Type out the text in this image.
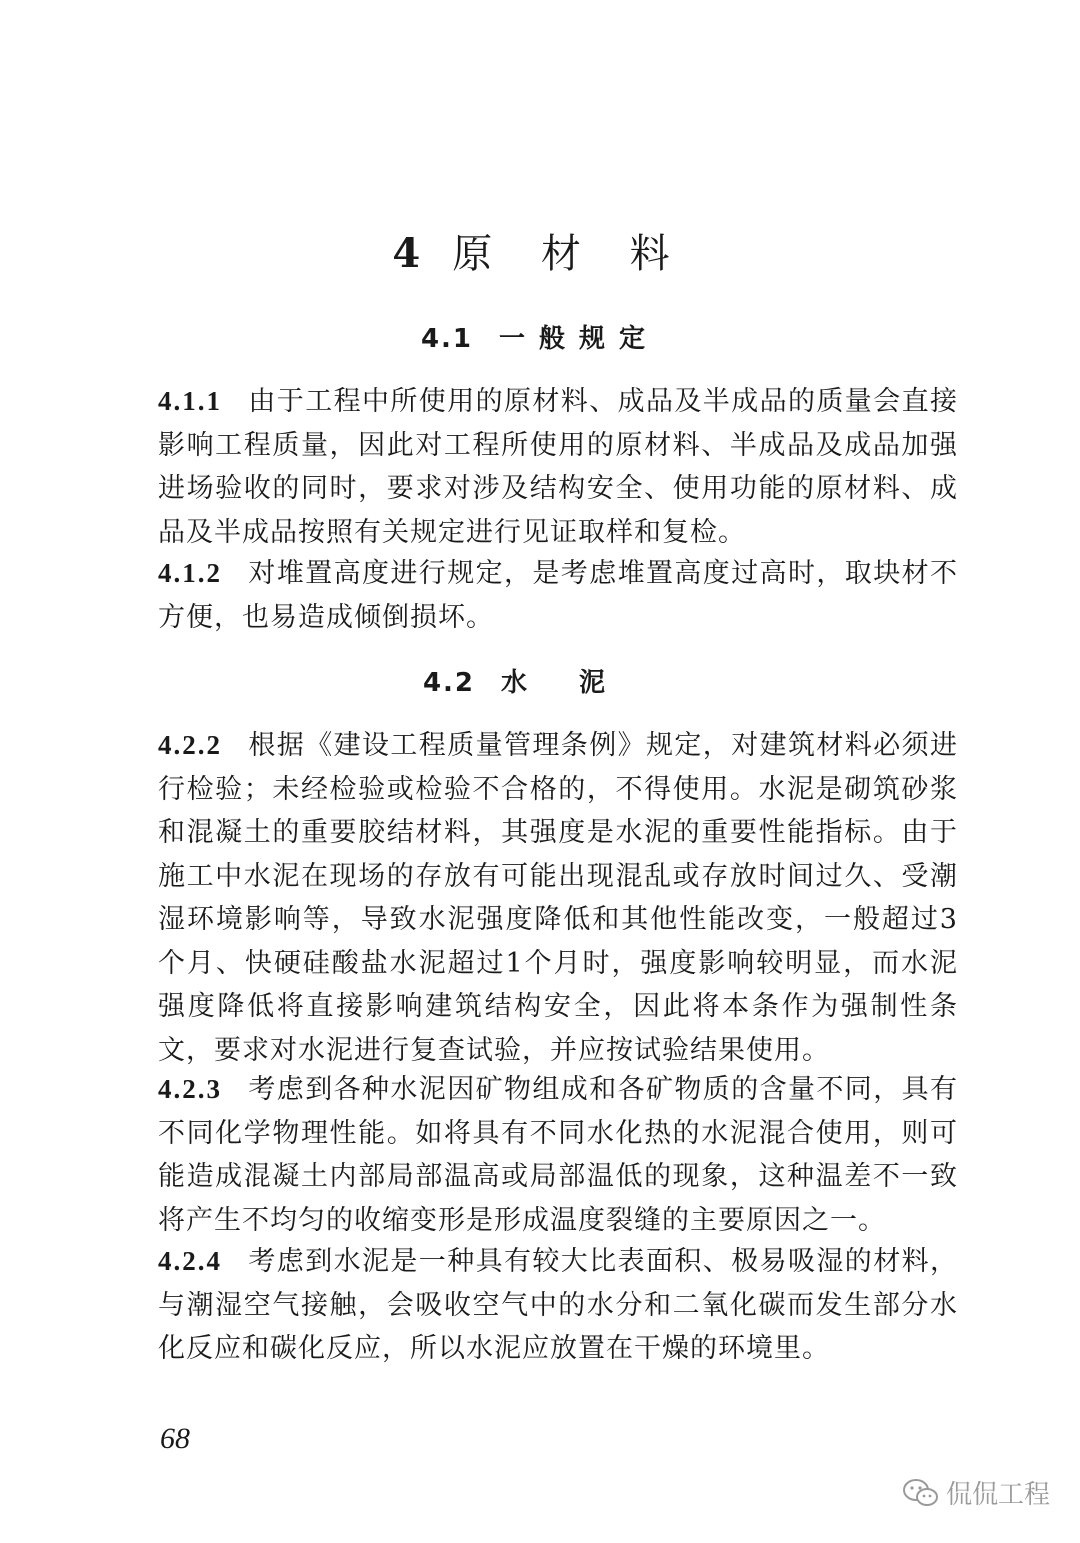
4 原 材 料
4.1 一般规定
4.1.1 由于工程中所使用的原材料、成品及半成品的质量会直接影响工程质量，因此对工程所使用的原材料、半成品及成品加强进场验收的同时，要求对涉及结构安全、使用功能的原材料、成品及半成品按照有关规定进行见证取样和复检。
4.1.2 对堆置高度进行规定，是考虑堆置高度过高时，取块材不方便，也易造成倾倒损坏。
4.2 水泥
4.2.2 根据《建设工程质量管理条例》规定，对建筑材料必须进行检验；未经检验或检验不合格的，不得使用。水泥是砌筑砂浆和混凝土的重要胶结材料，其强度是水泥的重要性能指标。由于施工中水泥在现场的存放有可能出现混乱或存放时间过久、受潮湿环境影响等，导致水泥强度降低和其他性能改变，一般超过3个月、快硬硅酸盐水泥超过1个月时，强度影响较明显，而水泥强度降低将直接影响建筑结构安全，因此将本条作为强制性条文，要求对水泥进行复查试验，并应按试验结果使用。
4.2.3 考虑到各种水泥因矿物组成和各矿物质的含量不同，具有不同化学物理性能。如将具有不同水化热的水泥混合使用，则可能造成混凝土内部局部温高或局部温低的现象，这种温差不一致将产生不均匀的收缩变形是形成温度裂缝的主要原因之一。
4.2.4 考虑到水泥是一种具有较大比表面积、极易吸湿的材料，与潮湿空气接触，会吸收空气中的水分和二氧化碳而发生部分水化反应和碳化反应，所以水泥应放置在干燥的环境里。
68
侃侃工程
